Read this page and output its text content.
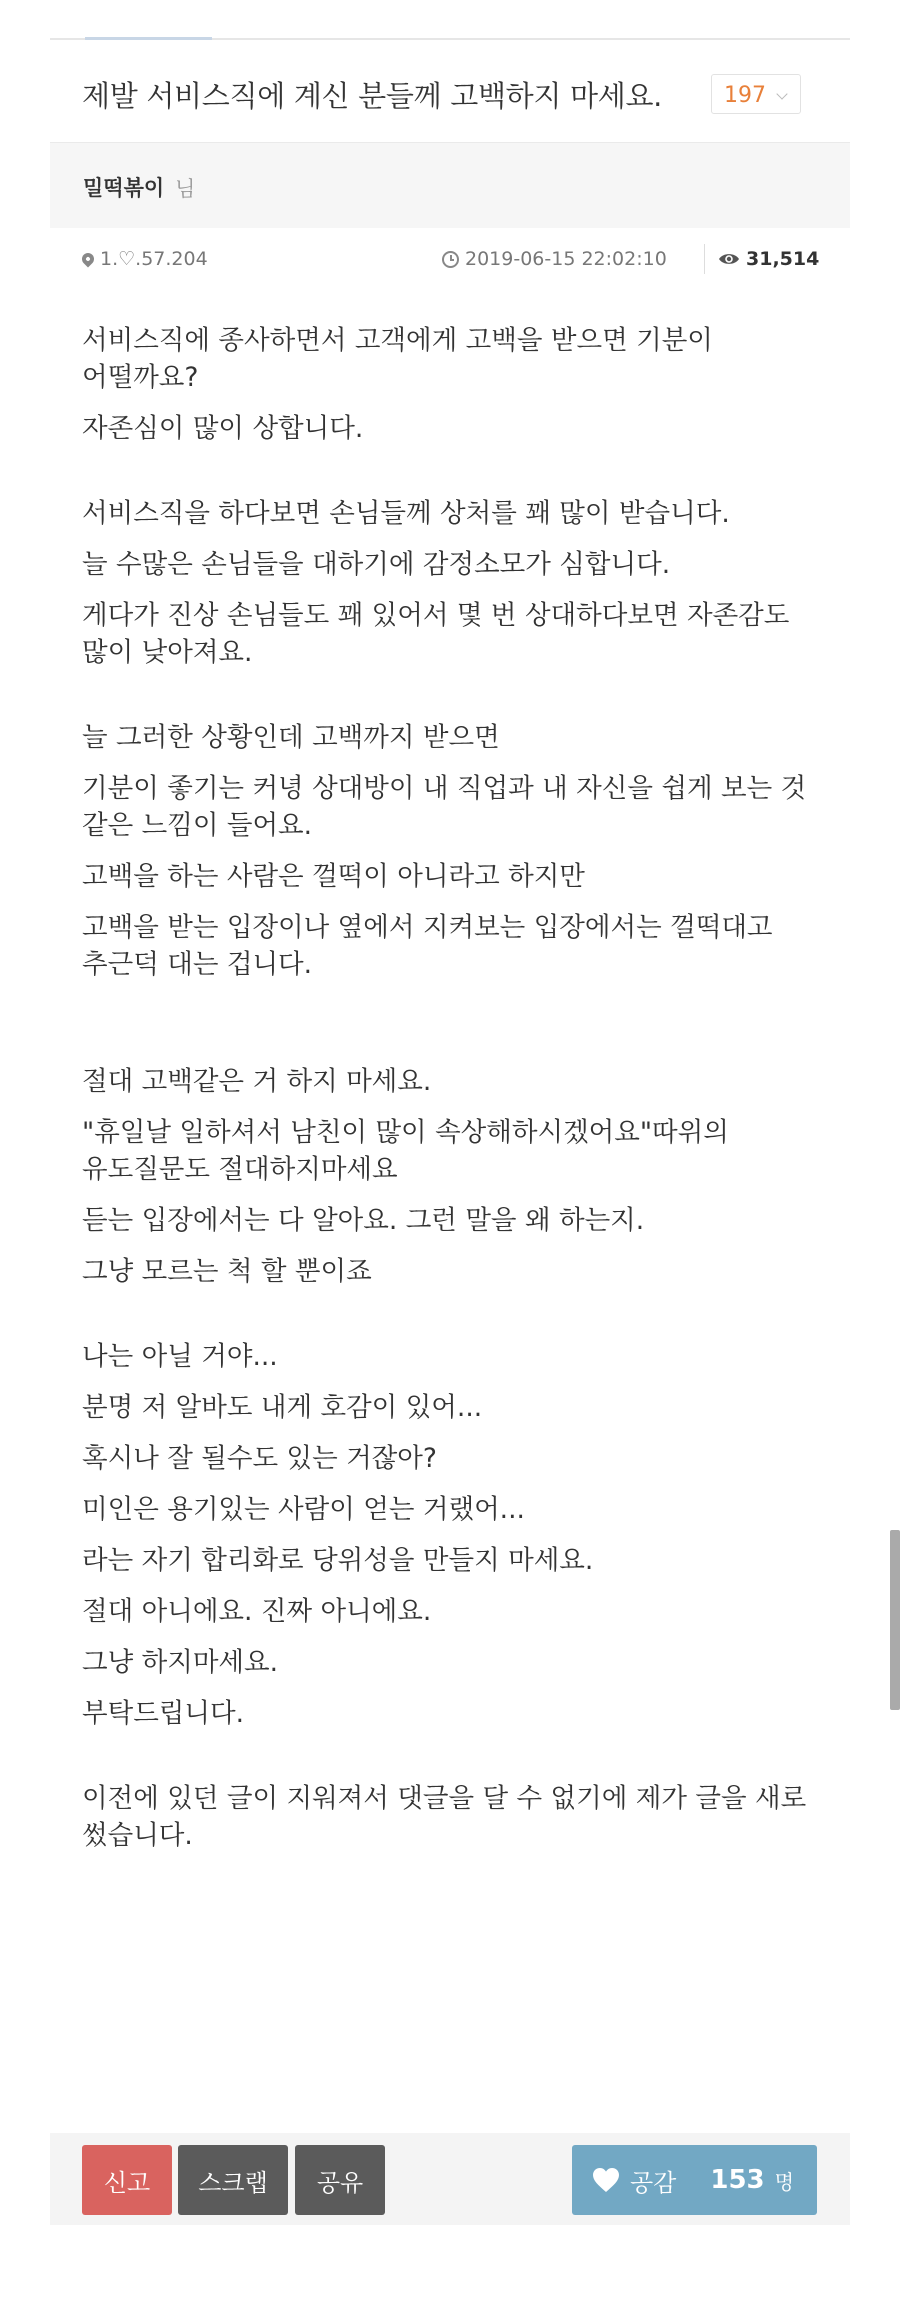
제발 서비스직에 계신 분들께 고백하지 마세요.	197
밀떡볶이 님
1.♡.57.204	2019-06-15 22:02:10	31,514
서비스직에 종사하면서 고객에게 고백을 받으면 기분이 어떨까요?
자존심이 많이 상합니다.
서비스직을 하다보면 손님들께 상처를 꽤 많이 받습니다.
늘 수많은 손님들을 대하기에 감정소모가 심합니다.
게다가 진상 손님들도 꽤 있어서 몇 번 상대하다보면 자존감도 많이 낮아져요.
늘 그러한 상황인데 고백까지 받으면
기분이 좋기는 커녕 상대방이 내 직업과 내 자신을 쉽게 보는 것 같은 느낌이 들어요.
고백을 하는 사람은 껄떡이 아니라고 하지만
고백을 받는 입장이나 옆에서 지켜보는 입장에서는 껄떡대고 추근덕 대는 겁니다.
절대 고백같은 거 하지 마세요.
"휴일날 일하셔서 남친이 많이 속상해하시겠어요"따위의 유도질문도 절대하지마세요
듣는 입장에서는 다 알아요. 그런 말을 왜 하는지.
그냥 모르는 척 할 뿐이죠
나는 아닐 거야...
분명 저 알바도 내게 호감이 있어...
혹시나 잘 될수도 있는 거잖아?
미인은 용기있는 사람이 얻는 거랬어...
라는 자기 합리화로 당위성을 만들지 마세요.
절대 아니에요. 진짜 아니에요.
그냥 하지마세요.
부탁드립니다.
이전에 있던 글이 지워져서 댓글을 달 수 없기에 제가 글을 새로 썼습니다.
신고	스크랩	공유	공감 153 명
